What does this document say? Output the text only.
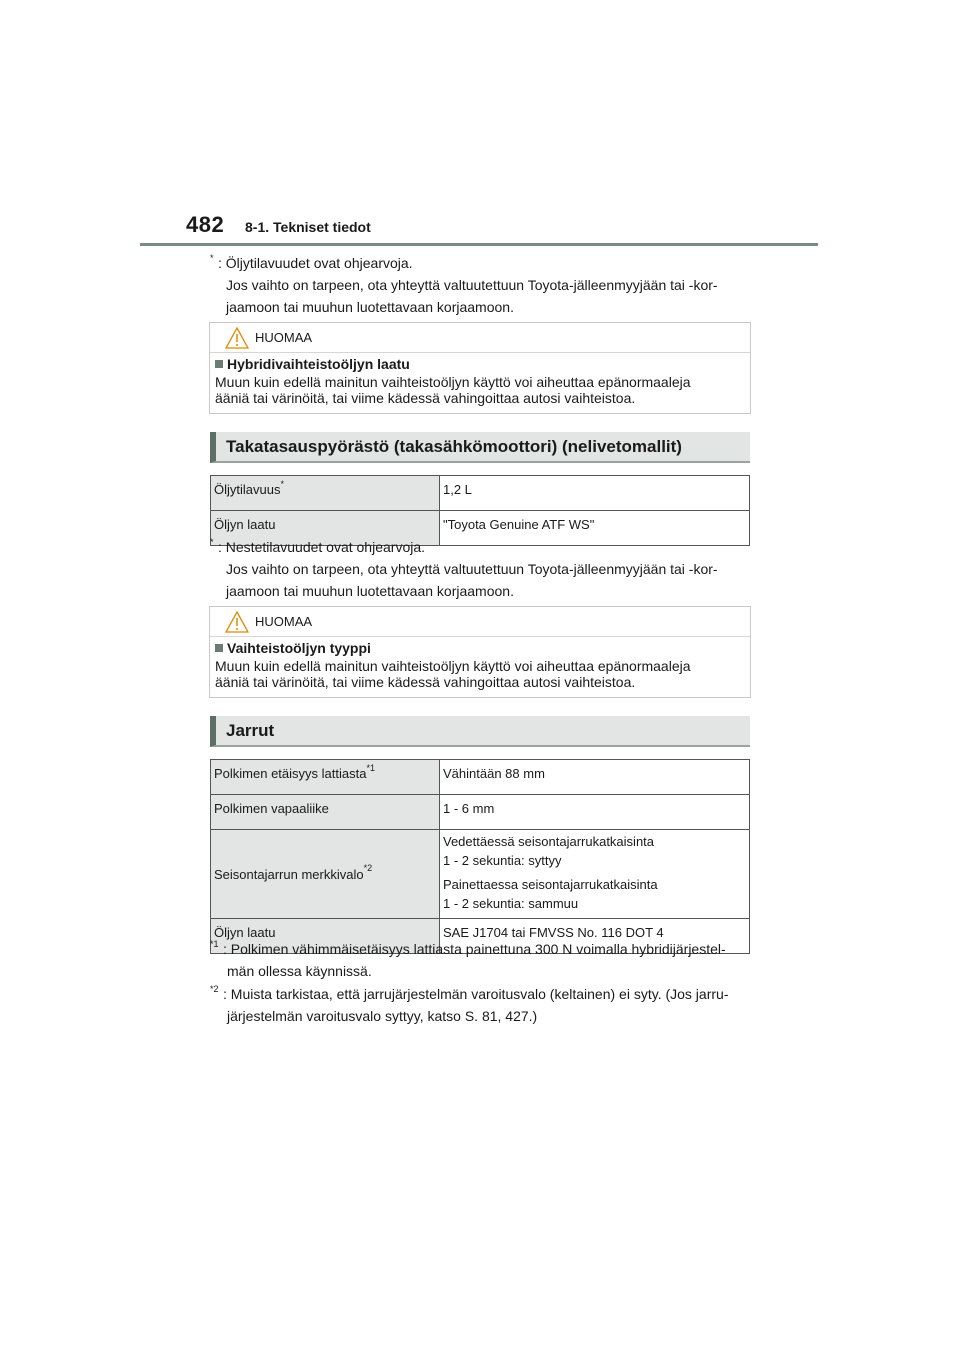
482 8-1. Tekniset tiedot
* : Öljytilavuudet ovat ohjearvoja.
Jos vaihto on tarpeen, ota yhteyttä valtuutettuun Toyota-jälleenmyyjään tai -kor-
jaamoon tai muuhun luotettavaan korjaamoon.
HUOMAA
Hybridivaihteistoöljyn laatu
Muun kuin edellä mainitun vaihteistoöljyn käyttö voi aiheuttaa epänormaaleja
ääniä tai värinöitä, tai viime kädessä vahingoittaa autosi vaihteistoa.
Takatasauspyörästö (takasähkömoottori) (nelivetomallit)
Öljytilavuus*	1,2 L
Öljyn laatu	"Toyota Genuine ATF WS"
* : Nestetilavuudet ovat ohjearvoja.
Jos vaihto on tarpeen, ota yhteyttä valtuutettuun Toyota-jälleenmyyjään tai -kor-
jaamoon tai muuhun luotettavaan korjaamoon.
HUOMAA
Vaihteistoöljyn tyyppi
Muun kuin edellä mainitun vaihteistoöljyn käyttö voi aiheuttaa epänormaaleja
ääniä tai värinöitä, tai viime kädessä vahingoittaa autosi vaihteistoa.
Jarrut
Polkimen etäisyys lattiasta$^{*1}$	Vähintään 88 mm
Polkimen vapaaliike	1 - 6 mm
Seisontajarrun merkkivalo$^{*2}$	Vedettäessä seisontajarrukatkaisinta
1 - 2 sekuntia: syttyy
Painettaessa seisontajarrukatkaisinta
1 - 2 sekuntia: sammuu

Öljyn laatu	SAE J1704 tai FMVSS No. 116 DOT 4
*1 : Polkimen vähimmäisetäisyys lattiasta painettuna 300 N voimalla hybridijärjestel-
män ollessa käynnissä.
*2 : Muista tarkistaa, että jarrujärjestelmän varoitusvalo (keltainen) ei syty. (Jos jarru-
järjestelmän varoitusvalo syttyy, katso S. 81, 427.)
